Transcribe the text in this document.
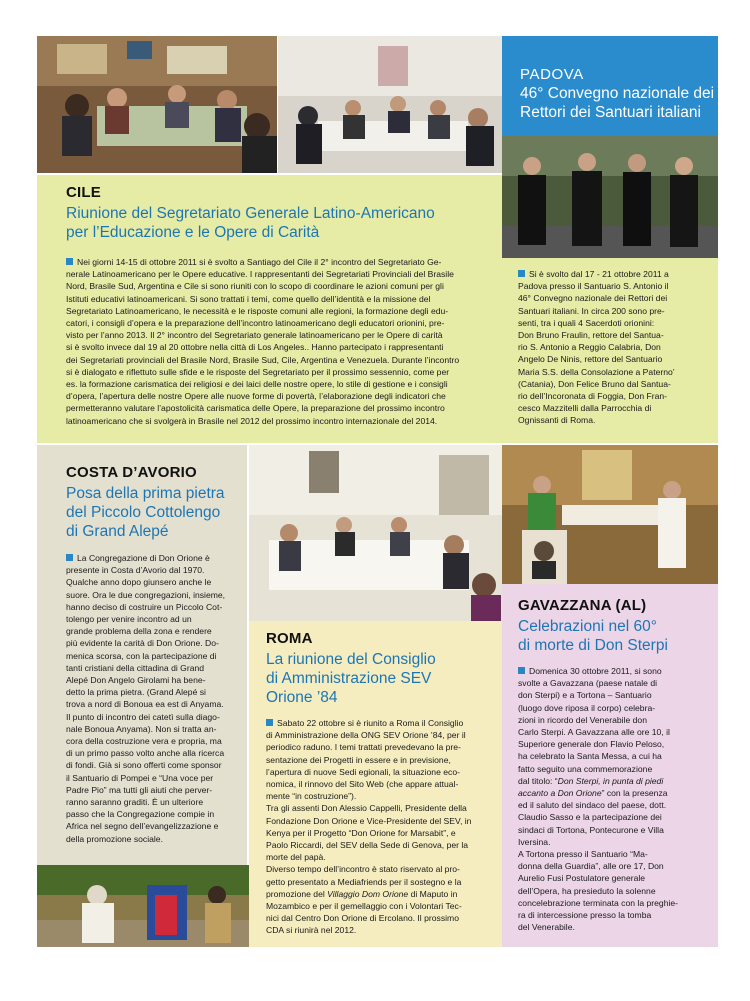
CILE
Riunione del Segretariato Generale Latino-Americano
per l’Educazione e le Opere di Carità
Nei giorni 14-15 di ottobre 2011 si è svolto a Santiago del Cile il 2° incontro del Segretariato Ge-
nerale Latinoamericano per le Opere educative. I rappresentanti dei Segretariati Provinciali del Brasile
Nord, Brasile Sud, Argentina e Cile si sono riuniti con lo scopo di coordinare le azioni comuni per gli
Istituti educativi latinoamericani. Si sono trattati i temi, come quello dell’identità e la missione del
Segretariato Latinoamericano, le necessità e le risposte comuni alle regioni, la formazione degli edu-
catori, i consigli d’opera e la preparazione dell’incontro latinoamericano degli educatori orionini, pre-
visto per l’anno 2013. Il 2° incontro del Segretariato generale latinoamericano per le Opere di carità
si è svolto invece dal 19 al 20 ottobre nella città di Los Angeles.. Hanno partecipato i rappresentanti
dei Segretariati provinciali del Brasile Nord, Brasile Sud, Cile, Argentina e Venezuela. Durante l’incontro
si è dialogato e riflettuto sulle sfide e le risposte del Segretariato per il prossimo sessennio, come per
es. la formazione carismatica dei religiosi e dei laici delle nostre opere, lo stile di gestione e i consigli
d’opera, l’apertura delle nostre Opere alle nuove forme di povertà, l’elaborazione degli indicatori che
permetteranno valutare l’apostolicità carismatica delle Opere, la preparazione del prossimo incontro
latinoamericano che si svolgerà in Brasile nel 2012 del prossimo incontro internazionale del 2014.
PADOVA
46° Convegno nazionale dei
Rettori dei Santuari italiani
Si è svolto dal 17 - 21 ottobre 2011 a
Padova presso il Santuario S. Antonio il
46° Convegno nazionale dei Rettori dei
Santuari italiani. In circa 200 sono pre-
senti, tra i quali 4 Sacerdoti orionini:
Don Bruno Fraulin, rettore del Santua-
rio S. Antonio a Reggio Calabria, Don
Angelo De Ninis, rettore del Santuario
Maria S.S. della Consolazione a Paterno’
(Catania), Don Felice Bruno dal Santua-
rio dell’Incoronata di Foggia, Don Fran-
cesco Mazzitelli dalla Parrocchia di
Ognissanti di Roma.
COSTA D’AVORIO
Posa della prima pietra
del Piccolo Cottolengo
di Grand Alepé
La Congregazione di Don Orione è
presente in Costa d’Avorio dal 1970.
Qualche anno dopo giunsero anche le
suore. Ora le due congregazioni, insieme,
hanno deciso di costruire un Piccolo Cot-
tolengo per venire incontro ad un
grande problema della zona e rendere
più evidente la carità di Don Orione. Do-
menica scorsa, con la partecipazione di
tanti cristiani della cittadina di Grand
Alepé Don Angelo Girolami ha bene-
detto la prima pietra. (Grand Alepé si
trova a nord di Bonoua ea est di Anyama.
Il punto di incontro dei catetì sulla diago-
nale Bonoua Anyama). Non si tratta an-
cora della costruzione vera e propria, ma
di un primo passo volto anche alla ricerca
di fondi. Già si sono offerti come sponsor
il Santuario di Pompei e “Una voce per
Padre Pio” ma tutti gli aiuti che perver-
ranno saranno graditi. È un ulteriore
passo che la Congregazione compie in
Africa nel segno dell’evangelizzazione e
della promozione sociale.
ROMA
La riunione del Consiglio
di Amministrazione SEV
Orione ’84
Sabato 22 ottobre si è riunito a Roma il Consiglio
di Amministrazione della ONG SEV Orione ’84, per il
periodico raduno. I temi trattati prevedevano la pre-
sentazione dei Progetti in essere e in previsione,
l’apertura di nuove Sedi egionali, la situazione eco-
nomica, il rinnovo del Sito Web (che appare attual-
mente “in costruzione”).
Tra gli assenti Don Alessio Cappelli, Presidente della
Fondazione Don Orione e Vice-Presidente del SEV, in
Kenya per il Progetto “Don Orione for Marsabit”, e
Paolo Riccardi, del SEV della Sede di Genova, per la
morte del papà.
Diverso tempo dell’incontro è stato riservato al pro-
getto presentato a Mediafriends per il sostegno e la
promozione del Villaggio Dom Orione di Maputo in
Mozambico e per il gemellaggio con i Volontari Tec-
nici dal Centro Don Orione di Ercolano. Il prossimo
CDA si riunirà nel 2012.
GAVAZZANA (AL)
Celebrazioni nel 60°
di morte di Don Sterpi
Domenica 30 ottobre 2011, si sono
svolte a Gavazzana (paese natale di
don Sterpi) e a Tortona – Santuario
(luogo dove riposa il corpo) celebra-
zioni in ricordo del Venerabile don
Carlo Sterpi. A Gavazzana alle ore 10, il
Superiore generale don Flavio Peloso,
ha celebrato la Santa Messa, a cui ha
fatto seguito una commemorazione
dal titolo: “Don Sterpi, in punta di piedi
accanto a Don Orione” con la presenza
ed il saluto del sindaco del paese, dott.
Claudio Sasso e la partecipazione dei
sindaci di Tortona, Pontecurone e Villa
Iversina.
A Tortona presso il Santuario “Ma-
donna della Guardia”, alle ore 17, Don
Aurelio Fusi Postulatore generale
dell’Opera, ha presieduto la solenne
concelebrazione terminata con la preghie-
ra di intercessione presso la tomba
del Venerabile.
